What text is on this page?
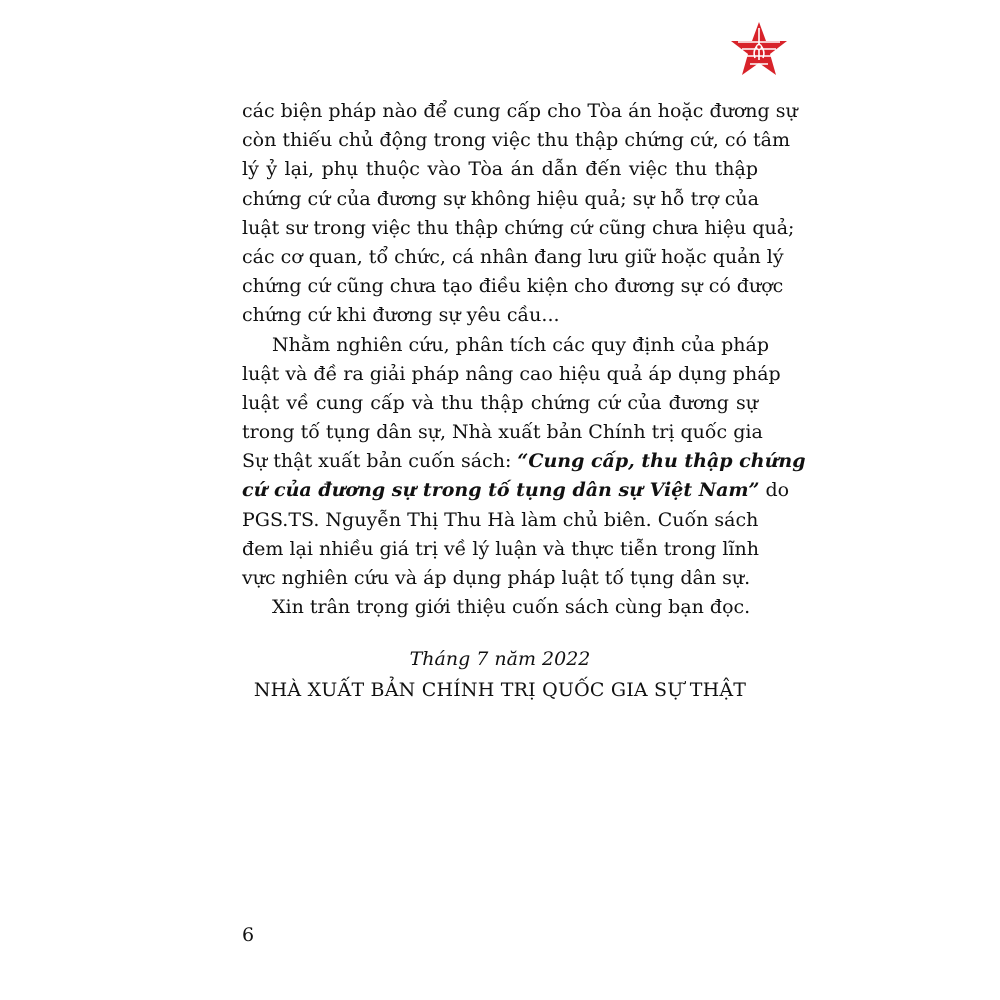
các biện pháp nào để cung cấp cho Tòa án hoặc đương sự
còn thiếu chủ động trong việc thu thập chứng cứ, có tâm
lý ỷ lại, phụ thuộc vào Tòa án dẫn đến việc thu thập
chứng cứ của đương sự không hiệu quả; sự hỗ trợ của
luật sư trong việc thu thập chứng cứ cũng chưa hiệu quả;
các cơ quan, tổ chức, cá nhân đang lưu giữ hoặc quản lý
chứng cứ cũng chưa tạo điều kiện cho đương sự có được
chứng cứ khi đương sự yêu cầu...
Nhằm nghiên cứu, phân tích các quy định của pháp
luật và đề ra giải pháp nâng cao hiệu quả áp dụng pháp
luật về cung cấp và thu thập chứng cứ của đương sự
trong tố tụng dân sự, Nhà xuất bản Chính trị quốc gia
Sự thật xuất bản cuốn sách: “Cung cấp, thu thập chứng
cứ của đương sự trong tố tụng dân sự Việt Nam” do
PGS.TS. Nguyễn Thị Thu Hà làm chủ biên. Cuốn sách
đem lại nhiều giá trị về lý luận và thực tiễn trong lĩnh
vực nghiên cứu và áp dụng pháp luật tố tụng dân sự.
Xin trân trọng giới thiệu cuốn sách cùng bạn đọc.
Tháng 7 năm 2022
NHÀ XUẤT BẢN CHÍNH TRỊ QUỐC GIA SỰ THẬT
6
